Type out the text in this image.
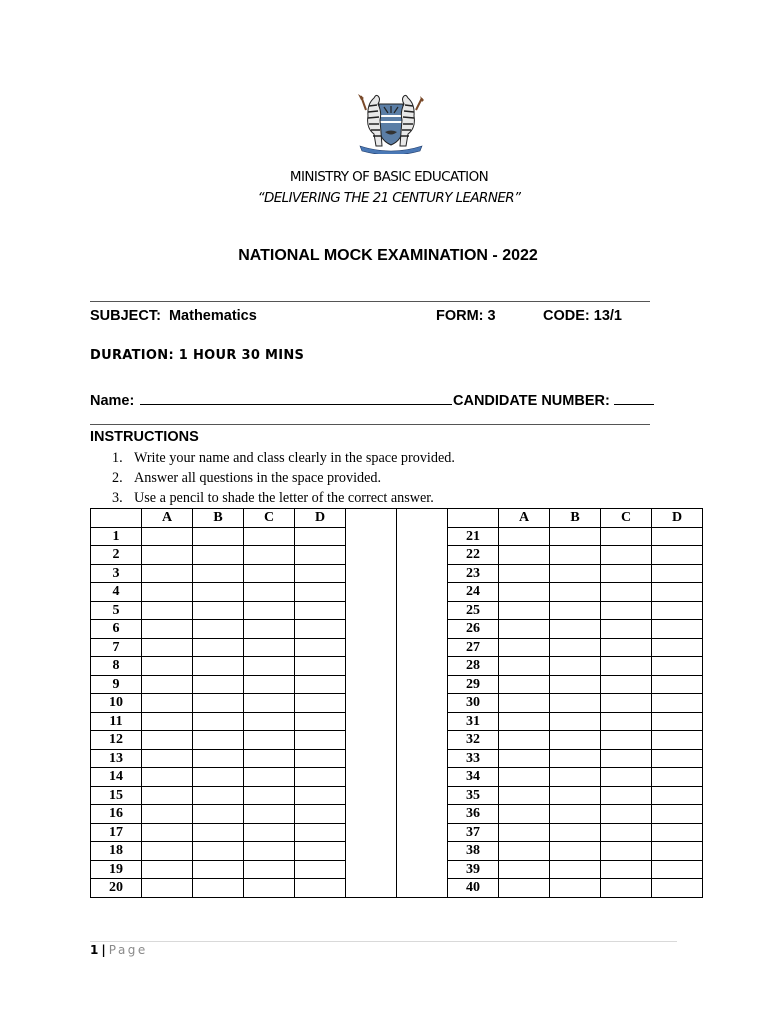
MINISTRY OF BASIC EDUCATION
“DELIVERING THE 21 CENTURY LEARNER”
NATIONAL MOCK EXAMINATION - 2022
SUBJECT: Mathematics	FORM: 3	CODE: 13/1
DURATION: 1 HOUR 30 MINS
Name:	CANDIDATE NUMBER:
INSTRUCTIONS
1. Write your name and class clearly in the space provided.
2. Answer all questions in the space provided.
3. Use a pencil to shade the letter of the correct answer.
	A	B	C	D				A	B	C	D
1							21				
2							22				
3							23				
4							24				
5							25				
6							26				
7							27				
8							28				
9							29				
10							30				
11							31				
12							32				
13							33				
14							34				
15							35				
16							36				
17							37				
18							38				
19							39				
20							40				
1 | Page
